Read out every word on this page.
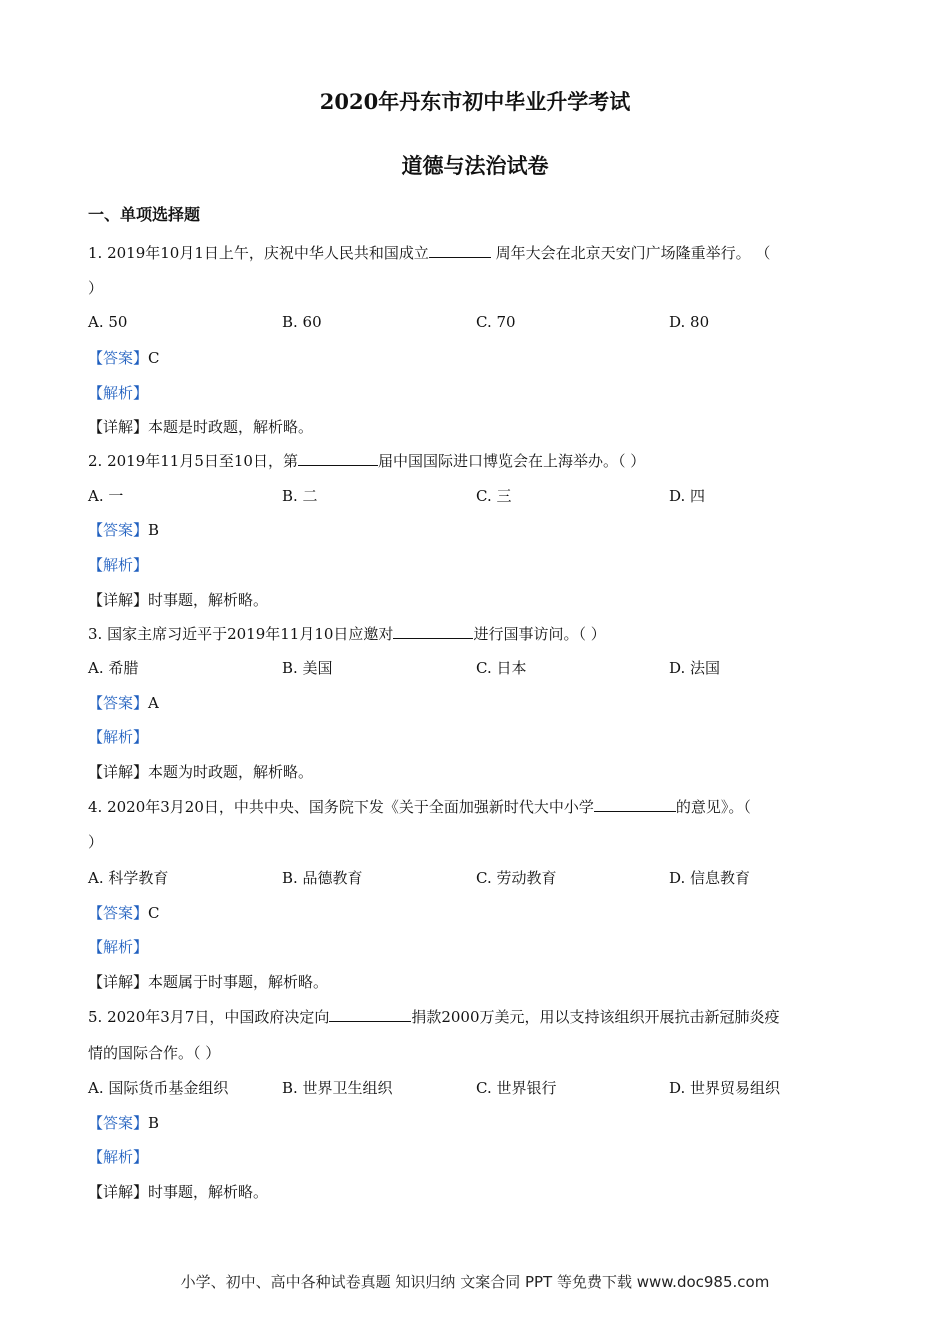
2020年丹东市初中毕业升学考试
道德与法治试卷
一、单项选择题
1. 2019年10月1日上午，庆祝中华人民共和国成立	周年大会在北京天安门广场隆重举行。 （
）
A. 50	B. 60	C. 70	D. 80
【答案】C
【解析】
【详解】本题是时政题，解析略。
2. 2019年11月5日至10日，第	届中国国际进口博览会在上海举办。（ ）
A. 一	B. 二	C. 三	D. 四
【答案】B
【解析】
【详解】时事题，解析略。
3. 国家主席习近平于2019年11月10日应邀对	进行国事访问。（ ）
A. 希腊	B. 美国	C. 日本	D. 法国
【答案】A
【解析】
【详解】本题为时政题，解析略。
4. 2020年3月20日，中共中央、国务院下发《关于全面加强新时代大中小学	的意见》。（
）
A. 科学教育	B. 品德教育	C. 劳动教育	D. 信息教育
【答案】C
【解析】
【详解】本题属于时事题，解析略。
5. 2020年3月7日，中国政府决定向	捐款2000万美元，用以支持该组织开展抗击新冠肺炎疫
情的国际合作。（ ）
A. 国际货币基金组织	B. 世界卫生组织	C. 世界银行	D. 世界贸易组织
【答案】B
【解析】
【详解】时事题，解析略。
小学、初中、高中各种试卷真题 知识归纳 文案合同 PPT 等免费下载 www.doc985.com
